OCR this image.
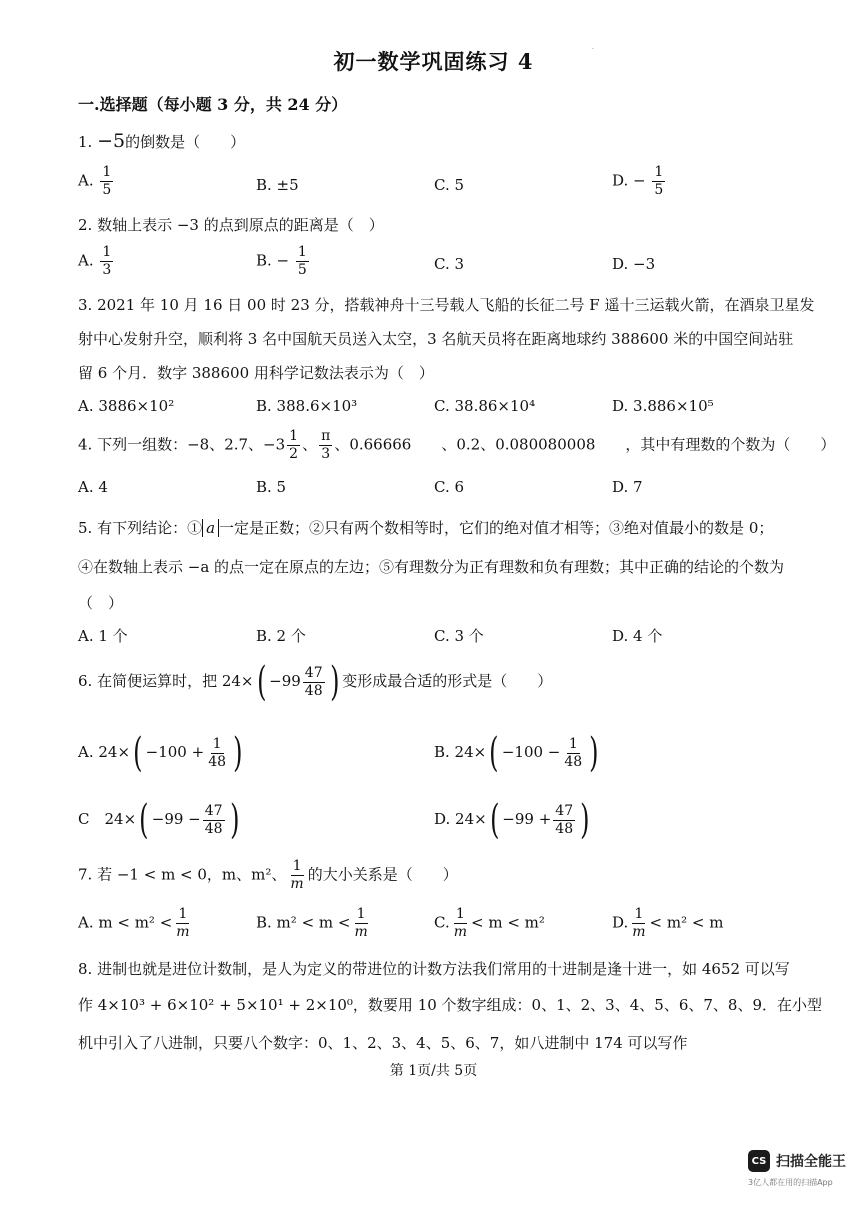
·
初一数学巩固练习 4
一.选择题（每小题 3 分，共 24 分）
1. −5的倒数是（　　）
A. $\frac{1}{5}$	B. ±5	C. 5	D. − $\frac{1}{5}$
2. 数轴上表示 −3 的点到原点的距离是（　）
A. $\frac{1}{3}$	B. − $\frac{1}{5}$	C. 3	D. −3
3. 2021 年 10 月 16 日 00 时 23 分，搭载神舟十三号载人飞船的长征二号 F 遥十三运载火箭，在酒泉卫星发
射中心发射升空，顺利将 3 名中国航天员送入太空，3 名航天员将在距离地球约 388600 米的中国空间站驻
留 6 个月．数字 388600 用科学记数法表示为（　）
A. 3886×10²	B. 388.6×10³	C. 38.86×10⁴	D. 3.886×10⁵
4. 下列一组数：−8、2.7、$-3 \frac{1}{2}$ 、 $\frac{\pi}{3}$ 、0.66666　　、0.2、0.080080008　　，其中有理数的个数为（　　）
A. 4	B. 5	C. 6	D. 7
5. 有下列结论：① a 一定是正数；②只有两个数相等时，它们的绝对值才相等；③绝对值最小的数是 0；
④在数轴上表示 −a 的点一定在原点的左边；⑤有理数分为正有理数和负有理数；其中正确的结论的个数为
（　）
A. 1 个	B. 2 个	C. 3 个	D. 4 个
6. 在简便运算时，把 $24\times( -99 \frac{47}{48}$ ) 变形成最合适的形式是（　　）
A. $24\times( -100 + \frac{1}{48}$ )	B. $24\times( -100 - \frac{1}{48}$ )
C　$24\times( -99 - \frac{47}{48}$ )	D. $24\times( -99 + \frac{47}{48}$ )
7. 若 −1 < m < 0，m、m²、 $\frac{1}{m}$ 的大小关系是（　　）
A. $m < m^2 < \frac{1}{m}$	B. $m^2 < m < \frac{1}{m}$	C. $\frac{1}{m} < m < m^2$	D. $\frac{1}{m} < m^2 < m$
8. 进制也就是进位计数制，是人为定义的带进位的计数方法我们常用的十进制是逢十进一，如 4652 可以写
作 4×10³ + 6×10² + 5×10¹ + 2×10⁰，数要用 10 个数字组成：0、1、2、3、4、5、6、7、8、9．在小型
机中引入了八进制，只要八个数字：0、1、2、3、4、5、6、7，如八进制中 174 可以写作
第 1页/共 5页
CS 扫描全能王
3亿人都在用的扫描App
